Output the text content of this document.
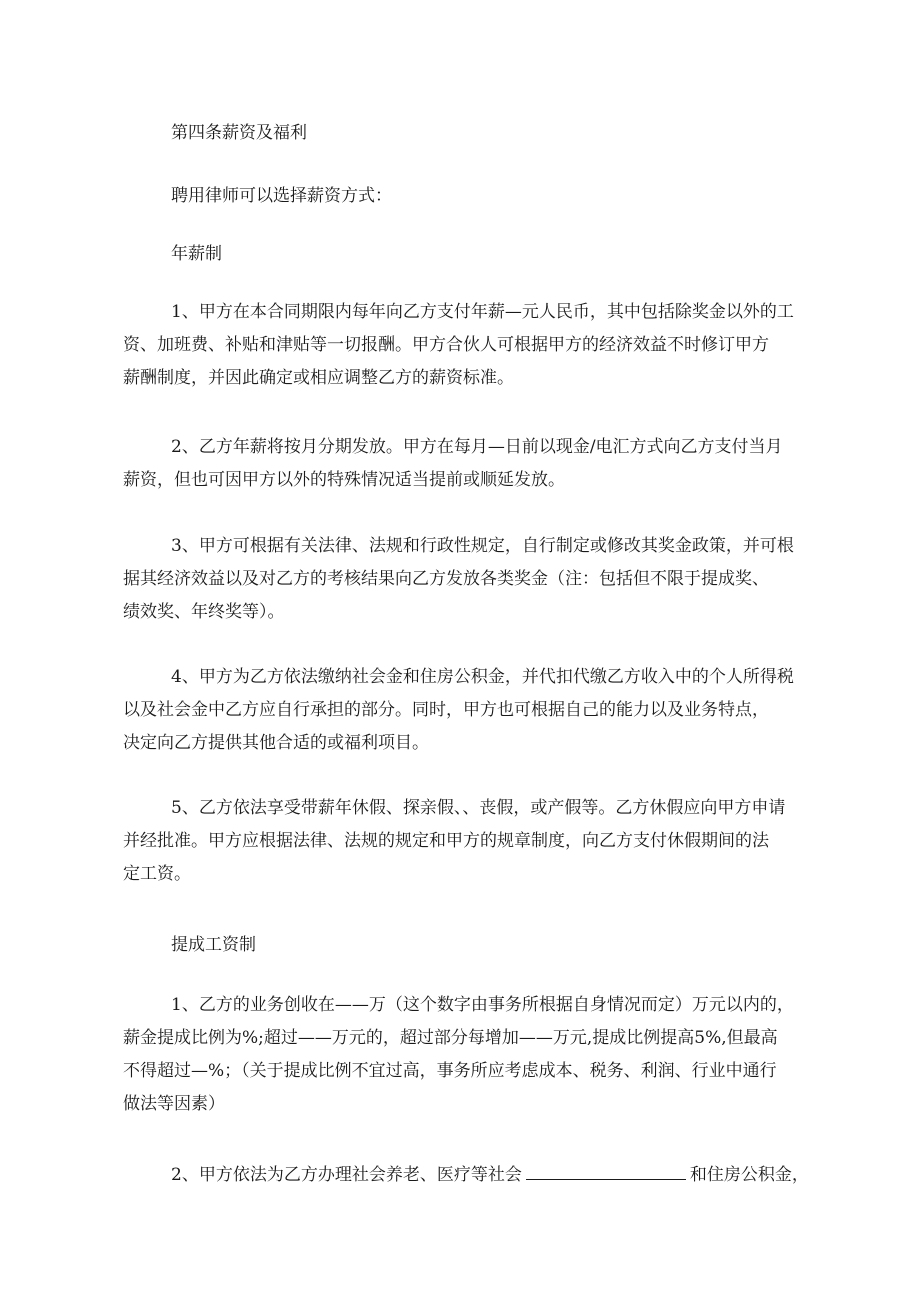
第四条薪资及福利

聘用律师可以选择薪资方式：

年薪制

1、甲方在本合同期限内每年向乙方支付年薪—元人民币，其中包括除奖金以外的工
资、加班费、补贴和津贴等一切报酬。甲方合伙人可根据甲方的经济效益不时修订甲方
薪酬制度，并因此确定或相应调整乙方的薪资标准。

2、乙方年薪将按月分期发放。甲方在每月—日前以现金/电汇方式向乙方支付当月
薪资，但也可因甲方以外的特殊情况适当提前或顺延发放。

3、甲方可根据有关法律、法规和行政性规定，自行制定或修改其奖金政策，并可根
据其经济效益以及对乙方的考核结果向乙方发放各类奖金（注：包括但不限于提成奖、
绩效奖、年终奖等）。

4、甲方为乙方依法缴纳社会金和住房公积金，并代扣代缴乙方收入中的个人所得税
以及社会金中乙方应自行承担的部分。同时，甲方也可根据自己的能力以及业务特点，
决定向乙方提供其他合适的或福利项目。

5、乙方依法享受带薪年休假、探亲假、、丧假，或产假等。乙方休假应向甲方申请
并经批准。甲方应根据法律、法规的规定和甲方的规章制度，向乙方支付休假期间的法
定工资。

提成工资制

1、乙方的业务创收在——万（这个数字由事务所根据自身情况而定）万元以内的，
薪金提成比例为%;超过——万元的，超过部分每增加——万元,提成比例提高5%,但最高
不得超过—%；（关于提成比例不宜过高，事务所应考虑成本、税务、利润、行业中通行
做法等因素）

2、甲方依法为乙方办理社会养老、医疗等社会	和住房公积金，
